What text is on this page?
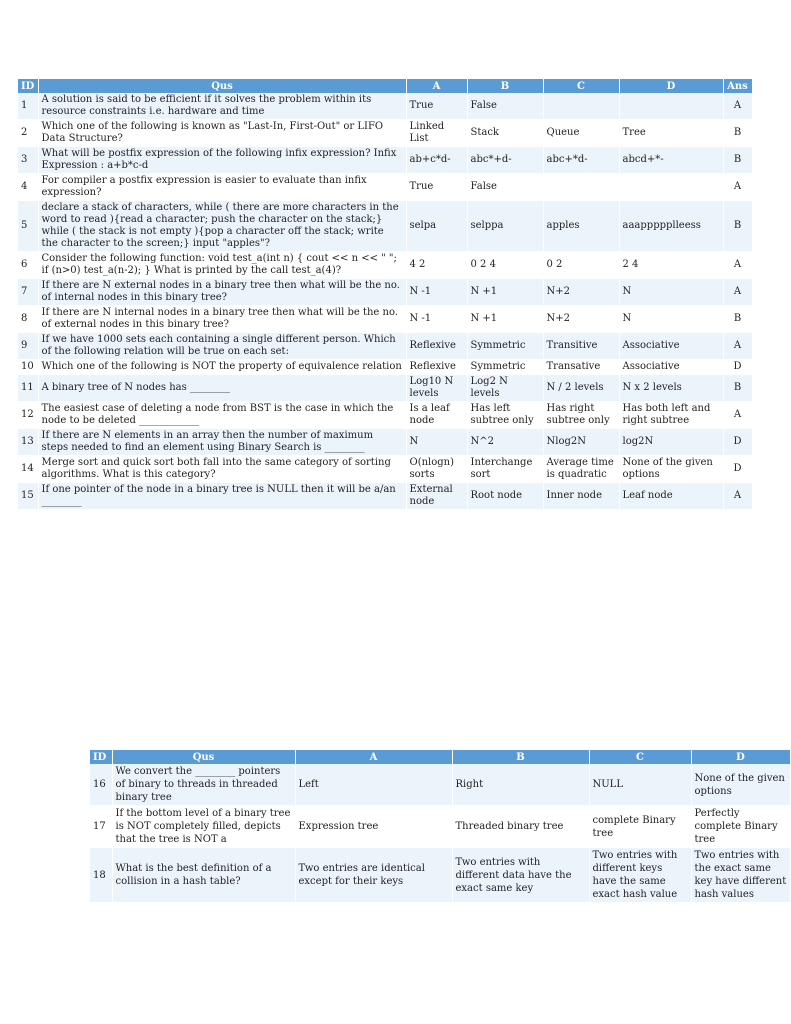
ID	Qus	A	B	C	D	Ans
1	A solution is said to be efficient if it solves the problem within its resource constraints i.e. hardware and time	True	False			A
2	Which one of the following is known as "Last-In, First-Out" or LIFO Data Structure?	Linked List	Stack	Queue	Tree	B
3	What will be postfix expression of the following infix expression? Infix Expression : a+b*c-d	ab+c*d-	abc*+d-	abc+*d-	abcd+*-	B
4	For compiler a postfix expression is easier to evaluate than infix expression?	True	False			A
5	declare a stack of characters, while ( there are more characters in the word to read ){read a character; push the character on the stack;} while ( the stack is not empty ){pop a character off the stack; write the character to the screen;} input "apples"?	selpa	selppa	apples	aaappppplleess	B
6	Consider the following function: void test_a(int n) { cout << n << " "; if (n>0) test_a(n-2); } What is printed by the call test_a(4)?	4 2	0 2 4	0 2	2 4	A
7	If there are N external nodes in a binary tree then what will be the no. of internal nodes in this binary tree?	N -1	N +1	N+2	N	A
8	If there are N internal nodes in a binary tree then what will be the no. of external nodes in this binary tree?	N -1	N +1	N+2	N	B
9	If we have 1000 sets each containing a single different person. Which of the following relation will be true on each set:	Reflexive	Symmetric	Transitive	Associative	A
10	Which one of the following is NOT the property of equivalence relation	Reflexive	Symmetric	Transative	Associative	D
11	A binary tree of N nodes has ________	Log10 N levels	Log2 N levels	N / 2 levels	N x 2 levels	B
12	The easiest case of deleting a node from BST is the case in which the node to be deleted ____________	Is a leaf node	Has left subtree only	Has right subtree only	Has both left and right subtree	A
13	If there are N elements in an array then the number of maximum steps needed to find an element using Binary Search is ________	N	N^2	Nlog2N	log2N	D
14	Merge sort and quick sort both fall into the same category of sorting algorithms. What is this category?	O(nlogn) sorts	Interchange sort	Average time is quadratic	None of the given options	D
15	If one pointer of the node in a binary tree is NULL then it will be a/an ________	External node	Root node	Inner node	Leaf node	A
ID	Qus	A	B	C	D
16	We convert the ________ pointers of binary to threads in threaded binary tree	Left	Right	NULL	None of the given options
17	If the bottom level of a binary tree is NOT completely filled, depicts that the tree is NOT a	Expression tree	Threaded binary tree	complete Binary tree	Perfectly complete Binary tree
18	What is the best definition of a collision in a hash table?	Two entries are identical except for their keys	Two entries with different data have the exact same key	Two entries with different keys have the same exact hash value	Two entries with the exact same key have different hash values
